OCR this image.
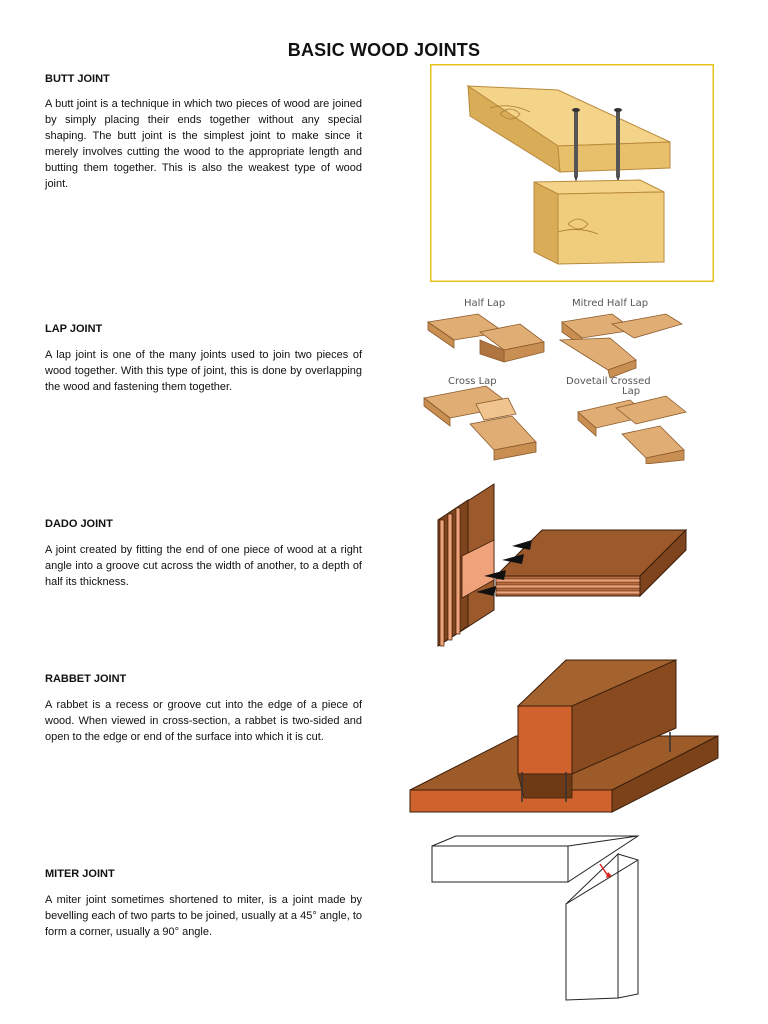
BASIC WOOD JOINTS
BUTT JOINT

A butt joint is a technique in which two pieces of wood are joined by simply placing their ends together without any special shaping. The butt joint is the simplest joint to make since it merely involves cutting the wood to the appropriate length and butting them together. This is also the weakest type of wood joint.

LAP JOINT

A lap joint is one of the many joints used to join two pieces of wood together. With this type of joint, this is done by overlapping the wood and fastening them together.

Half Lap	Mitred Half Lap
Cross Lap	Dovetail Crossed
Lap
DADO JOINT

A joint created by fitting the end of one piece of wood at a right angle into a groove cut across the width of another, to a depth of half its thickness.

RABBET JOINT

A rabbet is a recess or groove cut into the edge of a piece of wood. When viewed in cross-section, a rabbet is two-sided and open to the edge or end of the surface into which it is cut.

MITER JOINT

A miter joint sometimes shortened to miter, is a joint made by bevelling each of two parts to be joined, usually at a 45° angle, to form a corner, usually a 90° angle.
